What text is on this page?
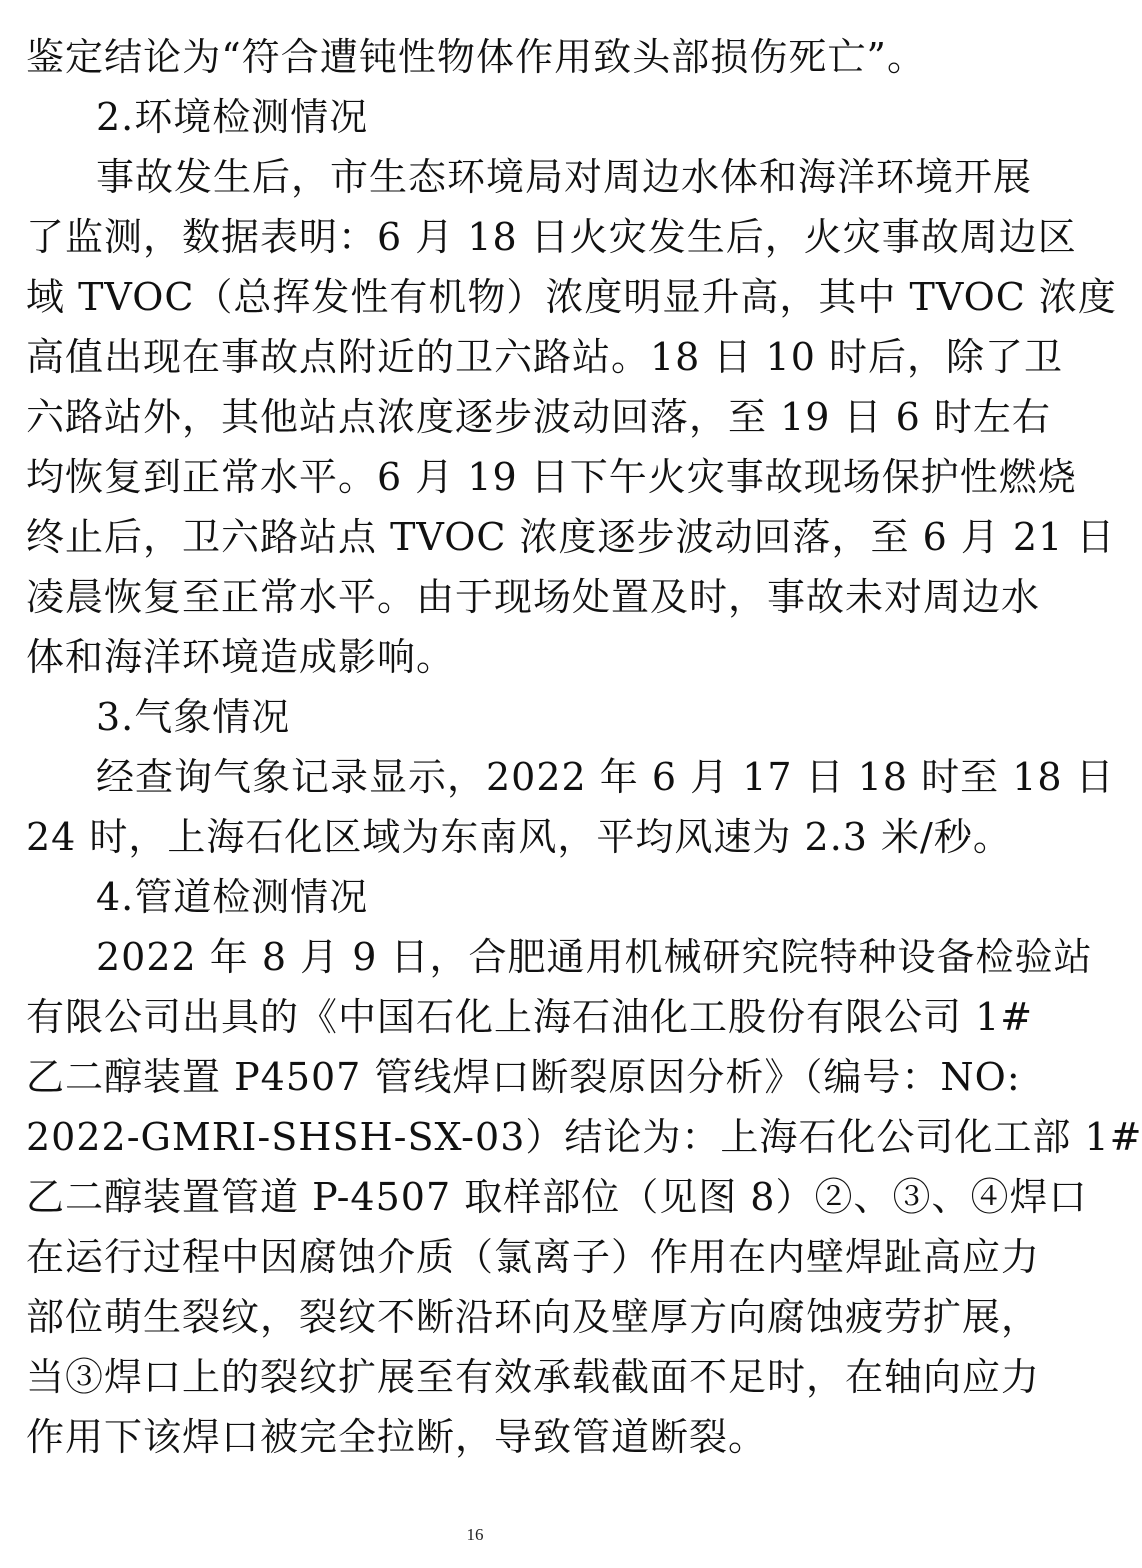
鉴定结论为“符合遭钝性物体作用致头部损伤死亡”。
2.环境检测情况
事故发生后，市生态环境局对周边水体和海洋环境开展
了监测，数据表明：6 月 18 日火灾发生后，火灾事故周边区
域 TVOC（总挥发性有机物）浓度明显升高，其中 TVOC 浓度
高值出现在事故点附近的卫六路站。18 日 10 时后，除了卫
六路站外，其他站点浓度逐步波动回落，至 19 日 6 时左右
均恢复到正常水平。6 月 19 日下午火灾事故现场保护性燃烧
终止后，卫六路站点 TVOC 浓度逐步波动回落，至 6 月 21 日
凌晨恢复至正常水平。由于现场处置及时，事故未对周边水
体和海洋环境造成影响。
3.气象情况
经查询气象记录显示，2022 年 6 月 17 日 18 时至 18 日
24 时，上海石化区域为东南风，平均风速为 2.3 米/秒。
4.管道检测情况
2022 年 8 月 9 日，合肥通用机械研究院特种设备检验站
有限公司出具的《中国石化上海石油化工股份有限公司 1#
乙二醇装置 P4507 管线焊口断裂原因分析》（编号：NO:
2022-GMRI-SHSH-SX-03）结论为：上海石化公司化工部 1#
乙二醇装置管道 P-4507 取样部位（见图 8）②、③、④焊口
在运行过程中因腐蚀介质（氯离子）作用在内壁焊趾高应力
部位萌生裂纹，裂纹不断沿环向及壁厚方向腐蚀疲劳扩展，
当③焊口上的裂纹扩展至有效承载截面不足时，在轴向应力
作用下该焊口被完全拉断，导致管道断裂。
16
